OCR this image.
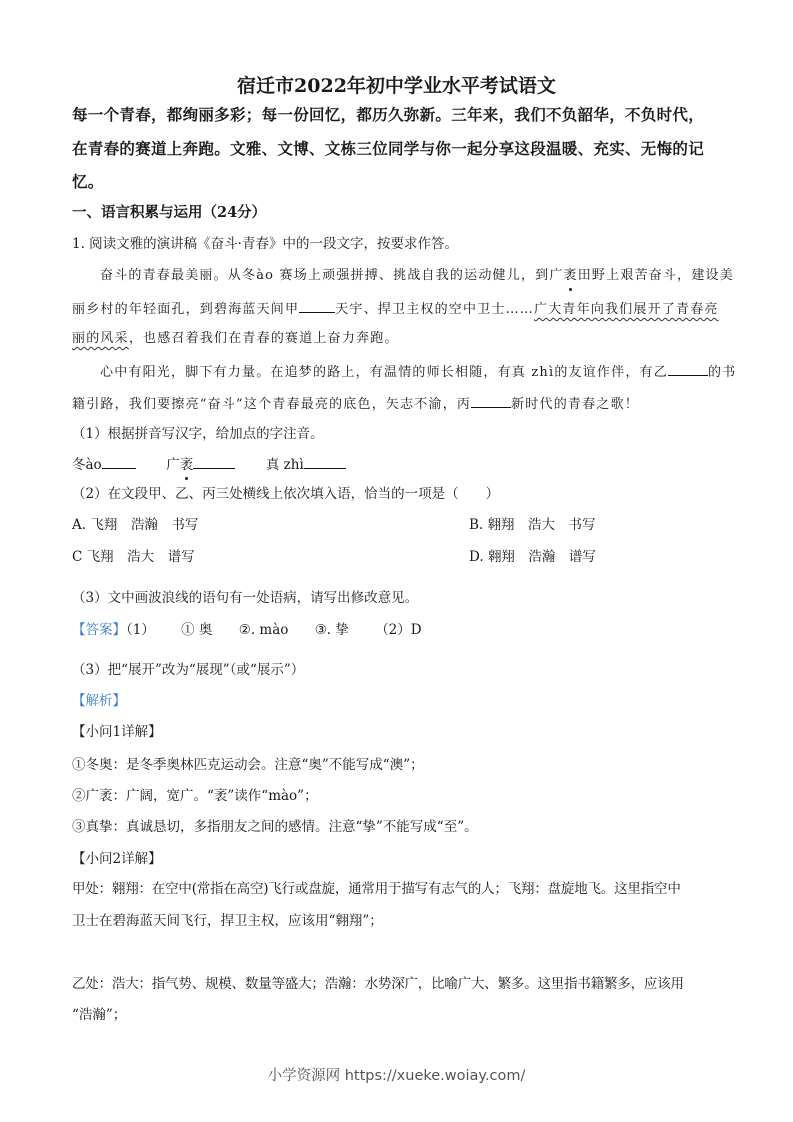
宿迁市2022年初中学业水平考试语文
每一个青春，都绚丽多彩；每一份回忆，都历久弥新。三年来，我们不负韶华，不负时代，
在青春的赛道上奔跑。文雅、文博、文栋三位同学与你一起分享这段温暖、充实、无悔的记
忆。
一、语言积累与运用（24分）
1. 阅读文雅的演讲稿《奋斗·青春》中的一段文字，按要求作答。
奋斗的青春最美丽。从冬ào 赛场上顽强拼搏、挑战自我的运动健儿，到广袤田野上艰苦奋斗，建设美
丽乡村的年轻面孔，到碧海蓝天间甲	天宇、捍卫主权的空中卫士……广大青年向我们展开了青春亮
丽的风采，也感召着我们在青春的赛道上奋力奔跑。
心中有阳光，脚下有力量。在追梦的路上，有温情的师长相随，有真 zhì的友谊作伴，有乙	的书
籍引路，我们要擦亮“奋斗”这个青春最亮的底色，矢志不渝，丙	新时代的青春之歌！
（1）根据拼音写汉字，给加点的字注音。
冬ào	广袤	真 zhì
（2）在文段甲、乙、丙三处横线上依次填入语，恰当的一项是（　　）
A. 飞翔　浩瀚　书写	B. 翱翔　浩大　书写
C 飞翔　浩大　谱写	D. 翱翔　浩瀚　谱写
（3）文中画波浪线的语句有一处语病，请写出修改意见。
【答案】（1） ① 奥 ②. mào ③. 挚 （2）D
（3）把“展开”改为“展现”（或“展示”）
【解析】
【小问1详解】
①冬奥：是冬季奥林匹克运动会。注意“奥”不能写成“澳”；
②广袤：广阔，宽广。“袤”读作“mào”；
③真挚：真诚恳切，多指朋友之间的感情。注意“挚”不能写成“至”。
【小问2详解】
甲处：翱翔：在空中(常指在高空)飞行或盘旋，通常用于描写有志气的人；飞翔：盘旋地飞。这里指空中
卫士在碧海蓝天间飞行，捍卫主权，应该用“翱翔”；
乙处：浩大：指气势、规模、数量等盛大；浩瀚：水势深广，比喻广大、繁多。这里指书籍繁多，应该用
“浩瀚”；
小学资源网 https://xueke.woiay.com/
